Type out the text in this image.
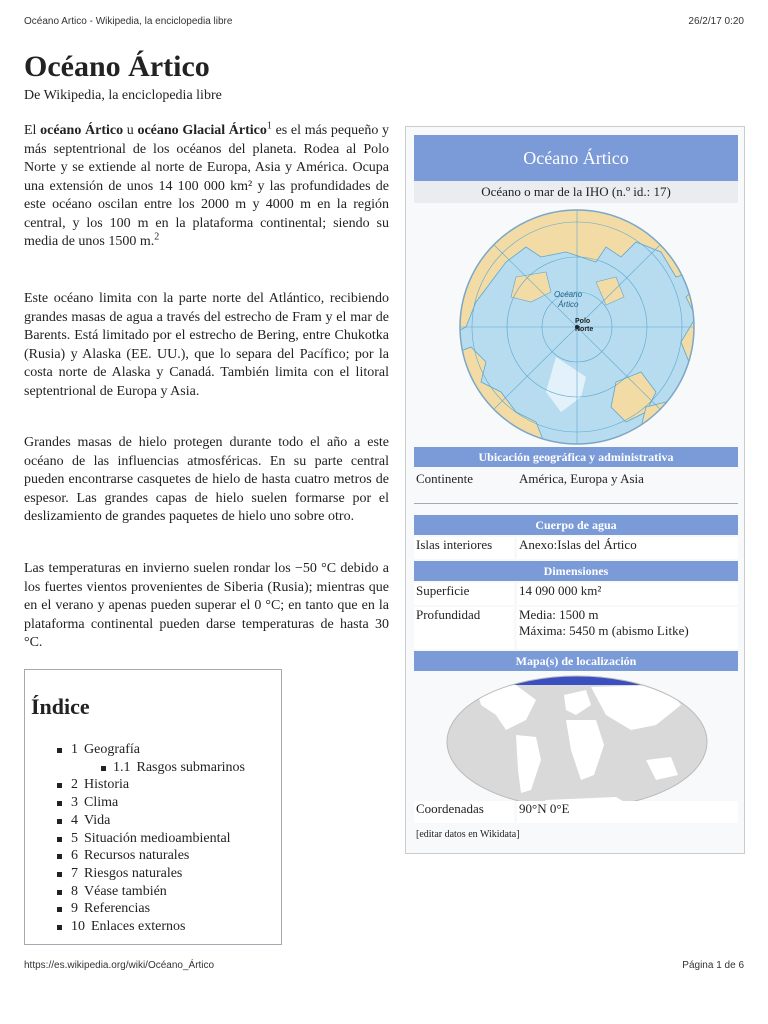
Océano Artico - Wikipedia, la enciclopedia libre	26/2/17 0:20
Océano Ártico
De Wikipedia, la enciclopedia libre

El océano Ártico u océano Glacial Ártico$^1$ es el más pequeño y más septentrional de los océanos del planeta. Rodea al Polo Norte y se extiende al norte de Europa, Asia y América. Ocupa una extensión de unos 14 100 000 km² y las profundidades de este océano oscilan entre los 2000 m y 4000 m en la región central, y los 100 m en la plataforma continental; siendo su media de unos 1500 m.$^2$

Este océano limita con la parte norte del Atlántico, recibiendo grandes masas de agua a través del estrecho de Fram y el mar de Barents. Está limitado por el estrecho de Bering, entre Chukotka (Rusia) y Alaska (EE. UU.), que lo separa del Pacífico; por la costa norte de Alaska y Canadá. También limita con el litoral septentrional de Europa y Asia.

Grandes masas de hielo protegen durante todo el año a este océano de las influencias atmosféricas. En su parte central pueden encontrarse casquetes de hielo de hasta cuatro metros de espesor. Las grandes capas de hielo suelen formarse por el deslizamiento de grandes paquetes de hielo uno sobre otro.

Las temperaturas en invierno suelen rondar los −50 °C debido a los fuertes vientos provenientes de Siberia (Rusia); mientras que en el verano y apenas pueden superar el 0 °C; en tanto que en la plataforma continental pueden darse temperaturas de hasta 30 °C.

Índice
1 Geografía
1.1 Rasgos submarinos
2 Historia
3 Clima
4 Vida
5 Situación medioambiental
6 Recursos naturales
7 Riesgos naturales
8 Véase también
9 Referencias
10 Enlaces externos
Océano Ártico
Océano o mar de la IHO (n.º id.: 17)
Océano
Ártico
Polo
Norte
Ubicación geográfica y administrativa
Continente	América, Europa y Asia
Cuerpo de agua
Islas interiores	Anexo:Islas del Ártico
Dimensiones
Superficie	14 090 000 km²
Profundidad	Media: 1500 m
Máxima: 5450 m (abismo Litke)
Mapa(s) de localización
Coordenadas	90°N 0°E
[editar datos en Wikidata]
https://es.wikipedia.org/wiki/Océano_Ártico	Página 1 de 6
